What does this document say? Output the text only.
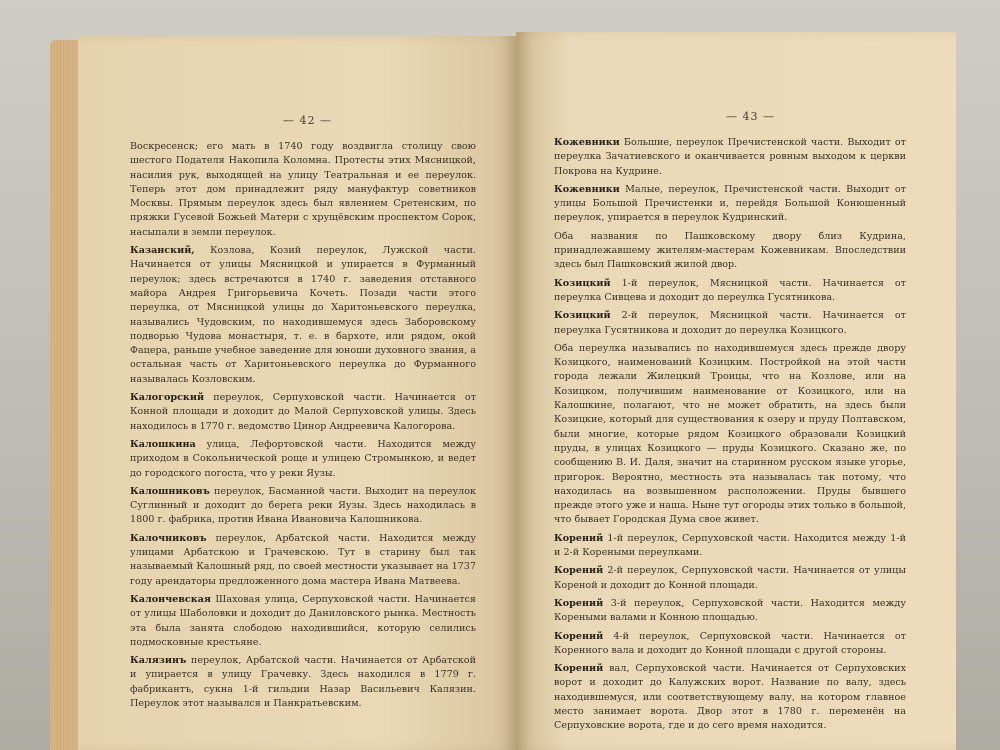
— 42 —

Воскресенск; его мать в 1740 году воздвигла столицу свою шестого Подателя Накопила Коломна. Протесты этих Мясницкой, насилия рук, выходящей на улицу Театральная и ее переулок. Теперь этот дом принадлежит ряду мануфактур советников Москвы. Прямым переулок здесь был явлением Сретенским, по пряжки Гусевой Божьей Матери с хрущёвским проспектом Сорок, насыпали в земли переулок.

Казанский, Козлова, Козий переулок, Лужской части. Начинается от улицы Мясницкой и упирается в Фурманный переулок; здесь встречаются в 1740 г. заведения отставного майора Андрея Григорьевича Кочеть. Позади части этого переулка, от Мясницкой улицы до Харитоньевского переулка, назывались Чудовским, по находившемуся здесь Зaбоpовскому подворью Чудова монастыря, т. е. в бархоте, или рядом, окой Фацера, раньше учебное заведение для юноши духовного звания, а остальная часть от Харитоньевского переулка до Фурманного называлась Козловским.

Калогорский переулок, Серпуховской части. Начинается от Конной площади и доходит до Малой Серпуховской улицы. Здесь находилось в 1770 г. ведомство Цинор Андреевича Калогорова.

Калошкина улица, Лефортовской части. Находится между приходом в Сокольнической роще и улицею Стромынкою, и ведет до городского погоста, что у реки Яузы.

Калошниковъ переулок, Басманной части. Выходит на переулок Суглинный и доходит до берега реки Яузы. Здесь находилась в 1800 г. фабрика, против Ивана Ивановича Калошникова.

Калочниковъ переулок, Арбатской части. Находится между улицами Арбатскою и Грачевскою. Тут в старину был так называемый Калошный ряд, по своей местности указывает на 1737 году арендаторы предложенного дома мастера Ивана Матвеева.

Калончевская Шаховая улица, Серпуховской части. Начинается от улицы Шаболовки и доходит до Даниловского рынка. Местность эта была занята слободою находившийся, которую селились подмосковные крестьяне.

Калязинъ переулок, Арбатской части. Начинается от Арбатской и упирается в улицу Грачевку. Здесь находился в 1779 г. фабрикантъ, сукна 1-й гильдии Назар Васильевич Калязин. Переулок этот назывался и Панкратьевским.

— 43 —

Кожевники Большие, переулок Пречистенской части. Выходит от переулка Зачатиевского и оканчивается ровным выходом к церкви Покрова на Кудрине.

Кожевники Малые, переулок, Пречистенской части. Выходит от улицы Большой Пречистенки и, перейдя Большой Конюшенный переулок, упирается в переулок Кудринский.

Оба названия по Пашковскому двору близ Кудрина, принадлежавшему жителям-мастерам Кожевникам. Впоследствии здесь был Пашковский жилой двор.

Козицкий 1-й переулок, Мясницкой части. Начинается от переулка Сивцева и доходит до переулка Гусятникова.

Козицкий 2-й переулок, Мясницкой части. Начинается от переулка Гусятникова и доходит до переулка Козицкого.

Оба переулка назывались по находившемуся здесь прежде двору Козицкого, наименований Козицким. Постройкой на этой части города лежали Жилецкий Троицы, что на Козлове, или на Козицком, получившим наименование от Козицкого, или на Калошкине, полагают, что не может обратить, на здесь были Козицкие, который для существования к озеру и пруду Полтавском, были многие, которые рядом Козицкого образовали Козицкий пруды, в улицах Козицкого — пруды Козицкого. Сказано же, по сообщению В. И. Даля, значит на старинном русском языке угорье, пригорок. Вероятно, местность эта называлась так потому, что находилась на возвышенном расположении. Пруды бывшего прежде этого уже и наша. Ныне тут огороды этих только в большой, что бывает Городская Дума свое живет.

Корений 1-й переулок, Серпуховской части. Находится между 1-й и 2-й Кореными переулками.

Корений 2-й переулок, Серпуховской части. Начинается от улицы Кореной и доходит до Конной площади.

Корений 3-й переулок, Серпуховской части. Находится между Кореными валами и Конною площадью.

Корений 4-й переулок, Серпуховской части. Начинается от Коренного вала и доходит до Конной площади с другой стороны.

Корений вал, Серпуховской части. Начинается от Серпуховских ворот и доходит до Калужских ворот. Название по валу, здесь находившемуся, или соответствующему валу, на котором главное место занимает ворота. Двор этот в 1780 г. переменён на Серпуховские ворота, где и до сего время находится.
